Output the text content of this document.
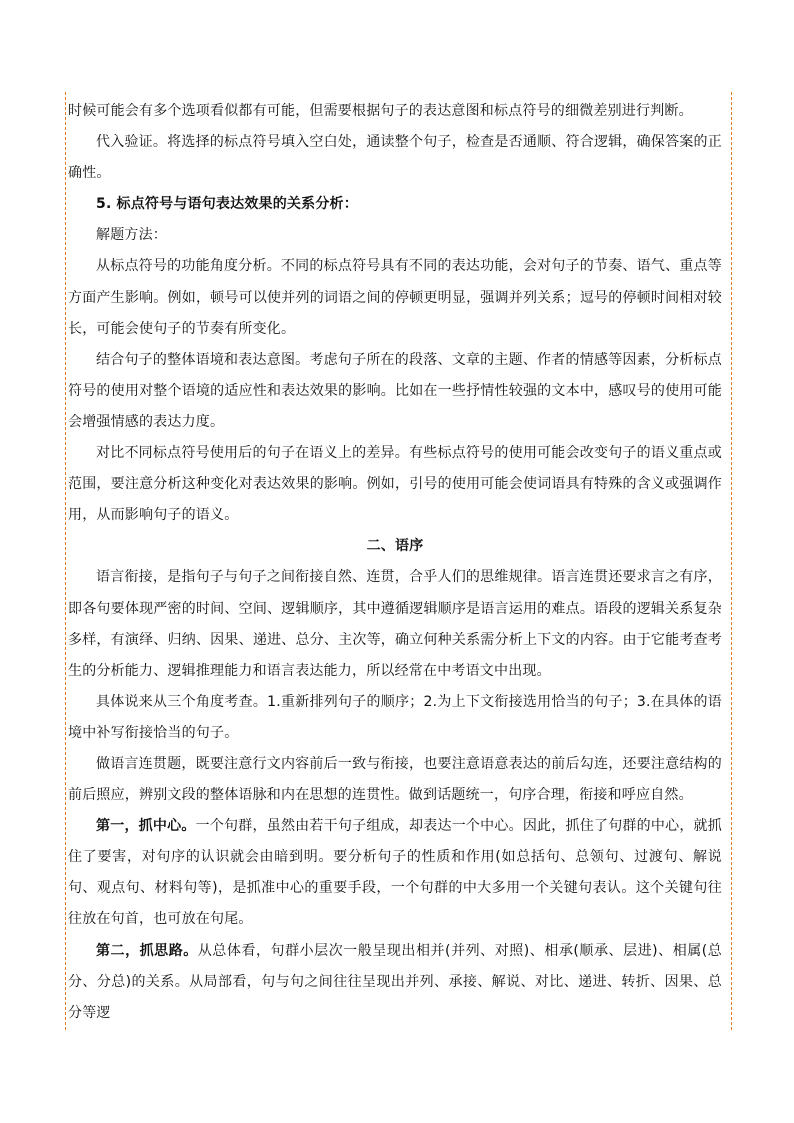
时候可能会有多个选项看似都有可能，但需要根据句子的表达意图和标点符号的细微差别进行判断。

代入验证。将选择的标点符号填入空白处，通读整个句子，检查是否通顺、符合逻辑，确保答案的正确性。

5. 标点符号与语句表达效果的关系分析：

解题方法：

从标点符号的功能角度分析。不同的标点符号具有不同的表达功能，会对句子的节奏、语气、重点等方面产生影响。例如，顿号可以使并列的词语之间的停顿更明显，强调并列关系；逗号的停顿时间相对较长，可能会使句子的节奏有所变化。

结合句子的整体语境和表达意图。考虑句子所在的段落、文章的主题、作者的情感等因素，分析标点符号的使用对整个语境的适应性和表达效果的影响。比如在一些抒情性较强的文本中，感叹号的使用可能会增强情感的表达力度。

对比不同标点符号使用后的句子在语义上的差异。有些标点符号的使用可能会改变句子的语义重点或范围，要注意分析这种变化对表达效果的影响。例如，引号的使用可能会使词语具有特殊的含义或强调作用，从而影响句子的语义。

二、语序

语言衔接，是指句子与句子之间衔接自然、连贯，合乎人们的思维规律。语言连贯还要求言之有序，即各句要体现严密的时间、空间、逻辑顺序，其中遵循逻辑顺序是语言运用的难点。语段的逻辑关系复杂多样，有演绎、归纳、因果、递进、总分、主次等，确立何种关系需分析上下文的内容。由于它能考查考生的分析能力、逻辑推理能力和语言表达能力，所以经常在中考语文中出现。

具体说来从三个角度考查。1.重新排列句子的顺序；2.为上下文衔接选用恰当的句子；3.在具体的语境中补写衔接恰当的句子。

做语言连贯题，既要注意行文内容前后一致与衔接，也要注意语意表达的前后勾连，还要注意结构的前后照应，辨别文段的整体语脉和内在思想的连贯性。做到话题统一，句序合理，衔接和呼应自然。

第一，抓中心。一个句群，虽然由若干句子组成，却表达一个中心。因此，抓住了句群的中心，就抓住了要害，对句序的认识就会由暗到明。要分析句子的性质和作用(如总括句、总领句、过渡句、解说句、观点句、材料句等)，是抓准中心的重要手段，一个句群的中大多用一个关键句表认。这个关键句往往放在句首，也可放在句尾。

第二，抓思路。从总体看，句群小层次一般呈现出相并(并列、对照)、相承(顺承、层进)、相属(总分、分总)的关系。从局部看，句与句之间往往呈现出并列、承接、解说、对比、递进、转折、因果、总分等逻
